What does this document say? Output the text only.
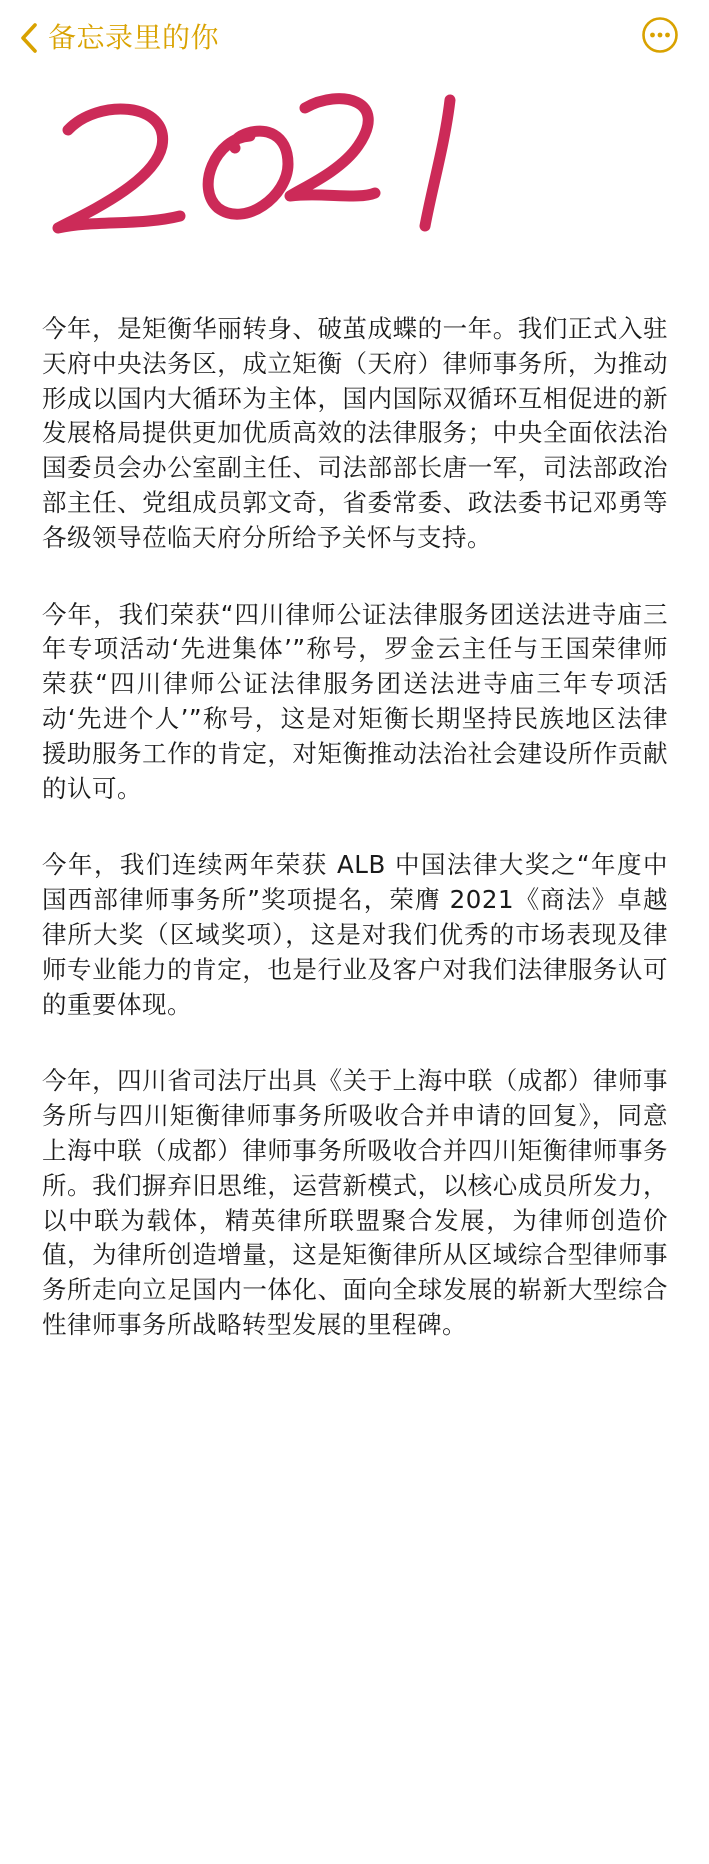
备忘录里的你

今年，是矩衡华丽转身、破茧成蝶的一年。我们正式入驻天府中央法务区，成立矩衡（天府）律师事务所，为推动形成以国内大循环为主体，国内国际双循环互相促进的新发展格局提供更加优质高效的法律服务；中央全面依法治国委员会办公室副主任、司法部部长唐一军，司法部政治部主任、党组成员郭文奇，省委常委、政法委书记邓勇等各级领导莅临天府分所给予关怀与支持。

今年，我们荣获“四川律师公证法律服务团送法进寺庙三年专项活动‘先进集体’”称号，罗金云主任与王国荣律师荣获“四川律师公证法律服务团送法进寺庙三年专项活动‘先进个人’”称号，这是对矩衡长期坚持民族地区法律援助服务工作的肯定，对矩衡推动法治社会建设所作贡献的认可。

今年，我们连续两年荣获 ALB 中国法律大奖之“年度中国西部律师事务所”奖项提名，荣膺 2021《商法》卓越律所大奖（区域奖项），这是对我们优秀的市场表现及律师专业能力的肯定，也是行业及客户对我们法律服务认可的重要体现。

今年，四川省司法厅出具《关于上海中联（成都）律师事务所与四川矩衡律师事务所吸收合并申请的回复》，同意上海中联（成都）律师事务所吸收合并四川矩衡律师事务所。我们摒弃旧思维，运营新模式，以核心成员所发力，以中联为载体，精英律所联盟聚合发展，为律师创造价值，为律所创造增量，这是矩衡律所从区域综合型律师事务所走向立足国内一体化、面向全球发展的崭新大型综合性律师事务所战略转型发展的里程碑。
